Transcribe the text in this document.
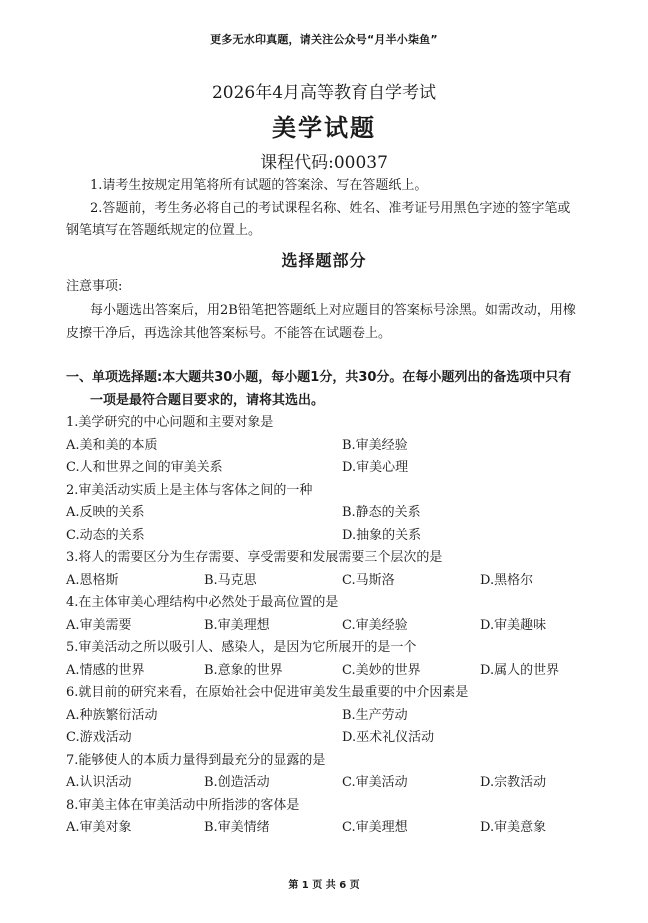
更多无水印真题，请关注公众号“月半小柒鱼”
2026年4月高等教育自学考试
美学试题
课程代码:00037
1.请考生按规定用笔将所有试题的答案涂、写在答题纸上。
2.答题前，考生务必将自己的考试课程名称、姓名、准考证号用黑色字迹的签字笔或
钢笔填写在答题纸规定的位置上。
选择题部分
注意事项:
每小题选出答案后，用2B铅笔把答题纸上对应题目的答案标号涂黑。如需改动，用橡
皮擦干净后，再选涂其他答案标号。不能答在试题卷上。
一、单项选择题:本大题共30小题，每小题1分，共30分。在每小题列出的备选项中只有
一项是最符合题目要求的，请将其选出。
1.美学研究的中心问题和主要对象是
A.美和美的本质	B.审美经验
C.人和世界之间的审美关系	D.审美心理
2.审美活动实质上是主体与客体之间的一种
A.反映的关系	B.静态的关系
C.动态的关系	D.抽象的关系
3.将人的需要区分为生存需要、享受需要和发展需要三个层次的是
A.恩格斯	B.马克思	C.马斯洛	D.黑格尔
4.在主体审美心理结构中必然处于最高位置的是
A.审美需要	B.审美理想	C.审美经验	D.审美趣味
5.审美活动之所以吸引人、感染人，是因为它所展开的是一个
A.情感的世界	B.意象的世界	C.美妙的世界	D.属人的世界
6.就目前的研究来看，在原始社会中促进审美发生最重要的中介因素是
A.种族繁衍活动	B.生产劳动
C.游戏活动	D.巫术礼仪活动
7.能够使人的本质力量得到最充分的显露的是
A.认识活动	B.创造活动	C.审美活动	D.宗教活动
8.审美主体在审美活动中所指涉的客体是
A.审美对象	B.审美情绪	C.审美理想	D.审美意象
第 1 页 共 6 页
